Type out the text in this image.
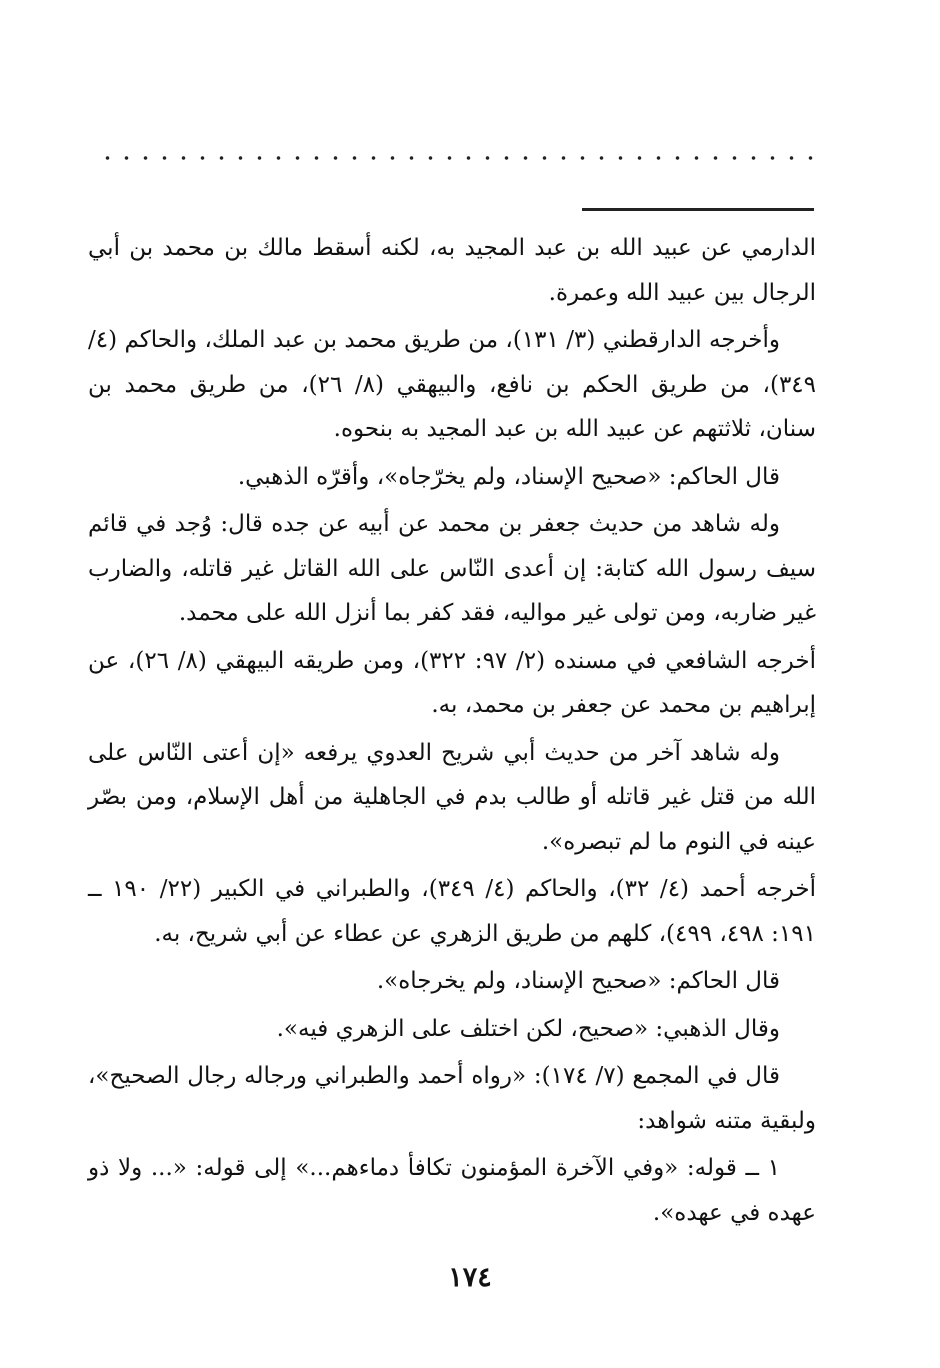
الدارمي عن عبيد الله بن عبد المجيد به، لكنه أسقط مالك بن محمد بن أبي الرجال بين عبيد الله وعمرة.

وأخرجه الدارقطني (٣/ ١٣١)، من طريق محمد بن عبد الملك، والحاكم (٤/ ٣٤٩)، من طريق الحكم بن نافع، والبيهقي (٨/ ٢٦)، من طريق محمد بن سنان، ثلاثتهم عن عبيد الله بن عبد المجيد به بنحوه.

قال الحاكم: «صحيح الإسناد، ولم يخرّجاه»، وأقرّه الذهبي.

وله شاهد من حديث جعفر بن محمد عن أبيه عن جده قال: وُجد في قائم سيف رسول الله كتابة: إن أعدى النّاس على الله القاتل غير قاتله، والضارب غير ضاربه، ومن تولى غير مواليه، فقد كفر بما أنزل الله على محمد.

أخرجه الشافعي في مسنده (٢/ ٩٧: ٣٢٢)، ومن طريقه البيهقي (٨/ ٢٦)، عن إبراهيم بن محمد عن جعفر بن محمد، به.

وله شاهد آخر من حديث أبي شريح العدوي يرفعه «إن أعتى النّاس على الله من قتل غير قاتله أو طالب بدم في الجاهلية من أهل الإسلام، ومن بصّر عينه في النوم ما لم تبصره».

أخرجه أحمد (٤/ ٣٢)، والحاكم (٤/ ٣٤٩)، والطبراني في الكبير (٢٢/ ١٩٠ ــ ١٩١: ٤٩٨، ٤٩٩)، كلهم من طريق الزهري عن عطاء عن أبي شريح، به.

قال الحاكم: «صحيح الإسناد، ولم يخرجاه».

وقال الذهبي: «صحيح، لكن اختلف على الزهري فيه».

قال في المجمع (٧/ ١٧٤): «رواه أحمد والطبراني ورجاله رجال الصحيح»، ولبقية متنه شواهد:

١ ــ قوله: «وفي الآخرة المؤمنون تكافأ دماءهم...» إلى قوله: «... ولا ذو عهده في عهده».

١٧٤
